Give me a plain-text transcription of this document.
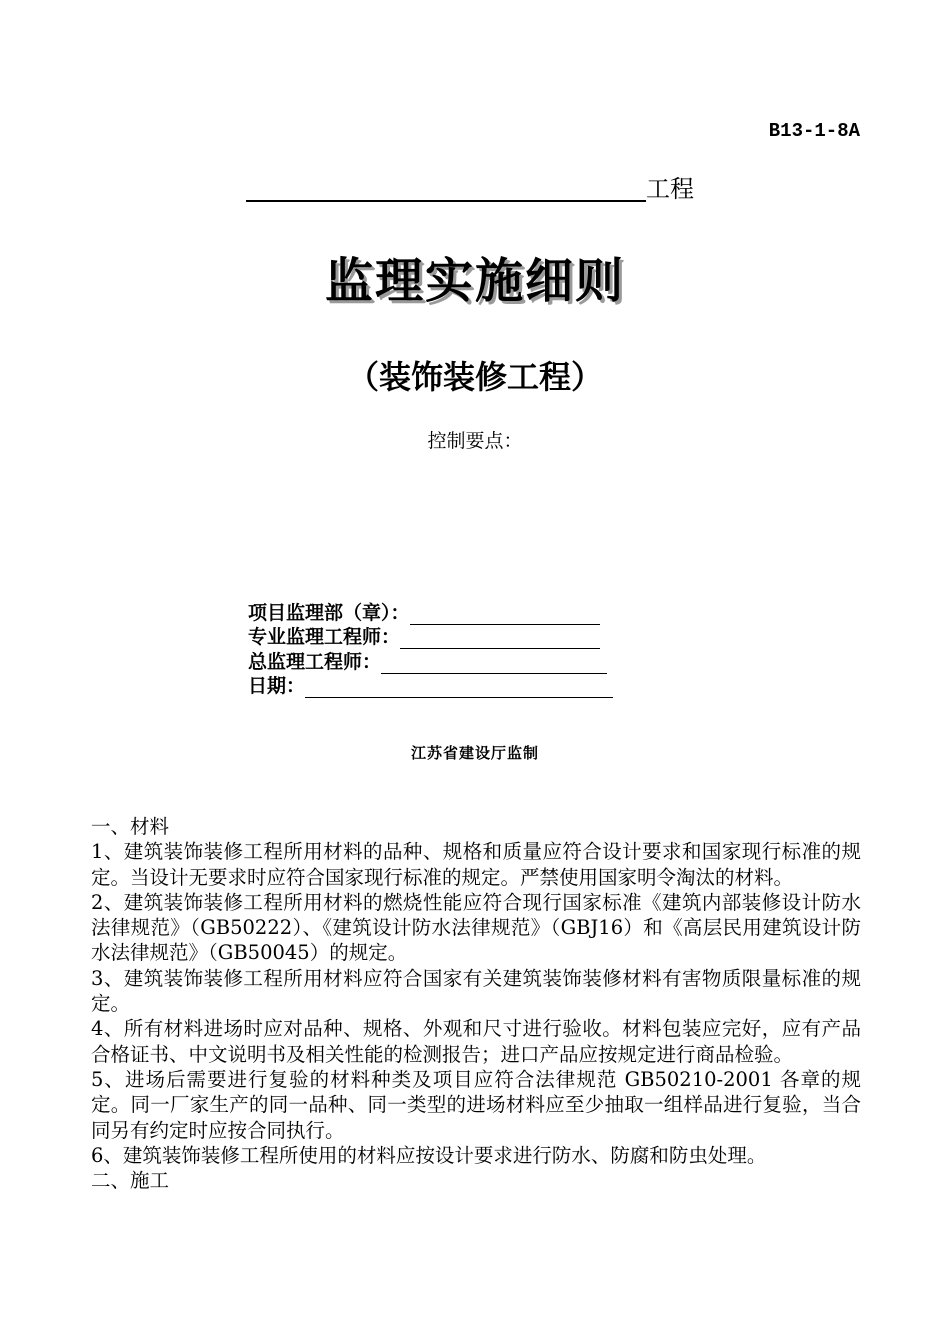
B13-1-8A
工程
监理实施细则
（装饰装修工程）
控制要点：
项目监理部（章）：
专业监理工程师：
总监理工程师：
日期：
江苏省建设厅监制

一、材料

1、建筑装饰装修工程所用材料的品种、规格和质量应符合设计要求和国家现行标准的规定。当设计无要求时应符合国家现行标准的规定。严禁使用国家明令淘汰的材料。

2、建筑装饰装修工程所用材料的燃烧性能应符合现行国家标准《建筑内部装修设计防水法律规范》（GB50222）、《建筑设计防水法律规范》（GBJ16）和《高层民用建筑设计防水法律规范》（GB50045）的规定。

3、建筑装饰装修工程所用材料应符合国家有关建筑装饰装修材料有害物质限量标准的规定。

4、所有材料进场时应对品种、规格、外观和尺寸进行验收。材料包装应完好，应有产品合格证书、中文说明书及相关性能的检测报告；进口产品应按规定进行商品检验。

5、进场后需要进行复验的材料种类及项目应符合法律规范 GB50210-2001 各章的规定。同一厂家生产的同一品种、同一类型的进场材料应至少抽取一组样品进行复验，当合同另有约定时应按合同执行。

6、建筑装饰装修工程所使用的材料应按设计要求进行防水、防腐和防虫处理。

二、施工
